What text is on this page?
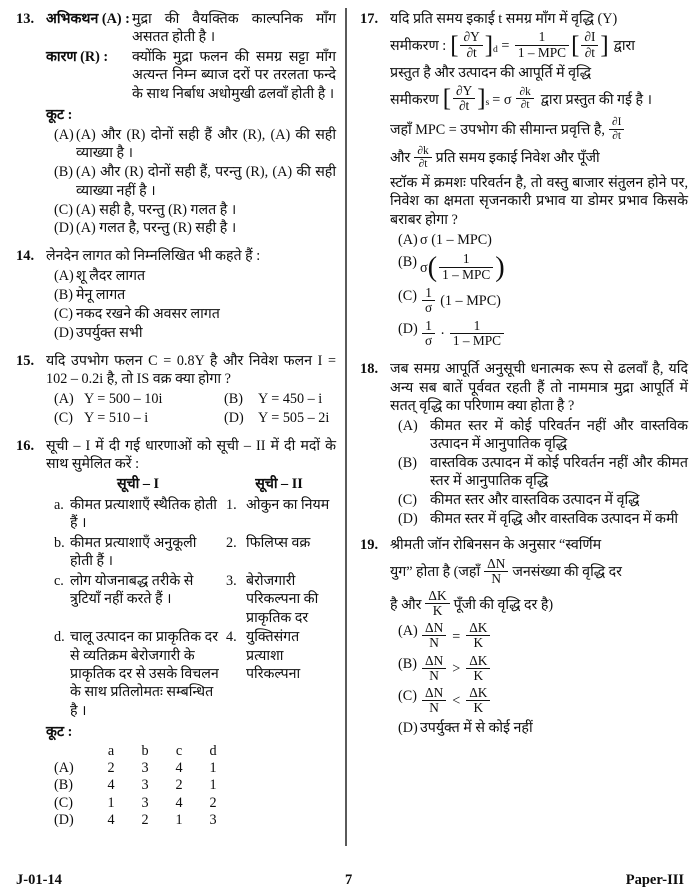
13. अभिकथन (A) : मुद्रा की वैयक्तिक काल्पनिक मॉंग असतत होती है ।
कारण (R) :	क्योंकि मुद्रा फलन की समग्र सट्टा मॉंग अत्यन्त निम्न ब्याज दरों पर तरलता फन्दे के साथ निर्बाध अधोमुखी ढलवॉं होती है ।
कूट :
(A) (A) और (R) दोनों सही हैं और (R), (A) की सही व्याख्या है ।
(B) (A) और (R) दोनों सही हैं, परन्तु (R), (A) की सही व्याख्या नहीं है ।
(C) (A) सही है, परन्तु (R) गलत है ।
(D) (A) गलत है, परन्तु (R) सही है ।
14. लेनदेन लागत को निम्नलिखित भी कहते हैं :
(A) शू लैदर लागत
(B) मेनू लागत
(C) नकद रखने की अवसर लागत
(D) उपर्युक्त सभी
15. यदि उपभोग फलन C = 0.8Y है और निवेश फलन I = 102 – 0.2i है, तो IS वक्र क्या होगा ?
(A) Y = 500 – 10i	(B)	Y = 450 – i
(C) Y = 510 – i	(D)	Y = 505 – 2i
16. सूची – I में दी गई धारणाओं को सूची – II में दी मदों के साथ सुमेलित करें :
सूची – I	सूची – II
a. कीमत प्रत्याशाएँ स्थैतिक होती हैं ।
1. ओकुन का नियम
b. कीमत प्रत्याशाएँ अनुकूली होती हैं ।
2. फिलिप्स वक्र
c. लोग योजनाबद्ध तरीके से त्रुटियाँ नहीं करते हैं ।
3. बेरोजगारी परिकल्पना की प्राकृतिक दर
d. चालू उत्पादन का प्राकृतिक दर से व्यतिक्रम बेरोजगारी के प्राकृतिक दर से उसके विचलन के साथ प्रतिलोमतः सम्बन्धित है ।
4. युक्तिसंगत प्रत्याशा परिकल्पना
कूट :
a	b	c	d
(A)	2	3	4	1
(B)	4	3	2	1
(C)	1	3	4	2
(D)	4	2	1	3
17. यदि प्रति समय इकाई t समग्र मॉंग में वृद्धि (Y)
समीकरण : [ $\frac{\partial Y}{\partial t}$ ] $d = \frac{1}{\text{1 – MPC}}$ [ $\frac{\partial I}{\partial t}$ ] द्वारा
प्रस्तुत है और उत्पादन की आपूर्ति में वृद्धि
समीकरण [ $\frac{\partial Y}{\partial t}$ ] s = σ $\frac{\partial k}{\partial t}$ द्वारा प्रस्तुत की गई है ।
जहॉं MPC = उपभोग की सीमान्त प्रवृत्ति है, $\frac{\partial I}{\partial t}$
और $\frac{\partial k}{\partial t}$ प्रति समय इकाई निवेश और पूँजी
स्टॉक में क्रमशः परिवर्तन है, तो वस्तु बाजार संतुलन होने पर, निवेश का क्षमता सृजनकारी प्रभाव या डोमर प्रभाव किसके बराबर होगा ?
(A) σ (1 – MPC)
(B) σ ( $\frac{1}{\text{1 – MPC}}$ )
$(C) \frac{1}{\sigma} (1 - MPC)$
$(D) \frac{1}{\sigma} \cdot \frac{1}{\text{1 – MPC}}$
18. जब समग्र आपूर्ति अनुसूची धनात्मक रूप से ढलवॉं है, यदि अन्य सब बातें पूर्ववत रहती हैं तो नाममात्र मुद्रा आपूर्ति में सतत् वृद्धि का परिणाम क्या होता है ?
(A) कीमत स्तर में कोई परिवर्तन नहीं और वास्तविक उत्पादन में आनुपातिक वृद्धि
(B) वास्तविक उत्पादन में कोई परिवर्तन नहीं और कीमत स्तर में आनुपातिक वृद्धि
(C) कीमत स्तर और वास्तविक उत्पादन में वृद्धि
(D) कीमत स्तर में वृद्धि और वास्तविक उत्पादन में कमी
19. श्रीमती जॉन रोबिनसन के अनुसार “स्वर्णिम
युग” होता है (जहॉं $\frac{\Delta N}{N}$ जनसंख्या की वृद्धि दर
है और $\frac{\Delta K}{K}$ पूँजी की वृद्धि दर है)
$(A) \frac{\Delta N}{N} = \frac{\Delta K}{K}$
$(B) \frac{\Delta N}{N} > \frac{\Delta K}{K}$
$(C) \frac{\Delta N}{N} < \frac{\Delta K}{K}$
(D) उपर्युक्त में से कोई नहीं
J-01-14	7	Paper-III
